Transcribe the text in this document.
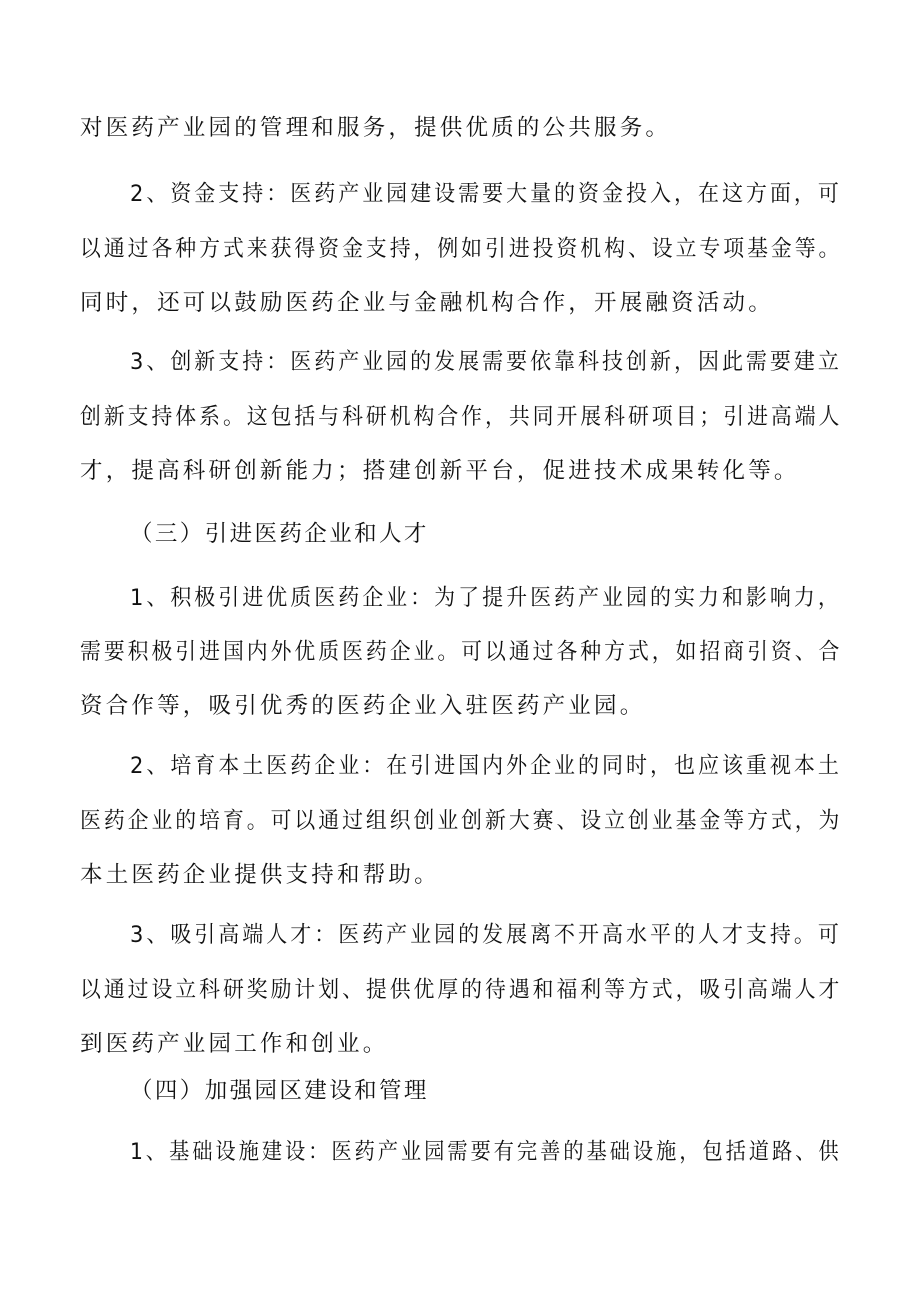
对医药产业园的管理和服务，提供优质的公共服务。
2、资金支持：医药产业园建设需要大量的资金投入，在这方面，可
以通过各种方式来获得资金支持，例如引进投资机构、设立专项基金等。
同时，还可以鼓励医药企业与金融机构合作，开展融资活动。
3、创新支持：医药产业园的发展需要依靠科技创新，因此需要建立
创新支持体系。这包括与科研机构合作，共同开展科研项目；引进高端人
才，提高科研创新能力；搭建创新平台，促进技术成果转化等。
（三）引进医药企业和人才
1、积极引进优质医药企业：为了提升医药产业园的实力和影响力，
需要积极引进国内外优质医药企业。可以通过各种方式，如招商引资、合
资合作等，吸引优秀的医药企业入驻医药产业园。
2、培育本土医药企业：在引进国内外企业的同时，也应该重视本土
医药企业的培育。可以通过组织创业创新大赛、设立创业基金等方式，为
本土医药企业提供支持和帮助。
3、吸引高端人才：医药产业园的发展离不开高水平的人才支持。可
以通过设立科研奖励计划、提供优厚的待遇和福利等方式，吸引高端人才
到医药产业园工作和创业。
（四）加强园区建设和管理
1、基础设施建设：医药产业园需要有完善的基础设施，包括道路、供
